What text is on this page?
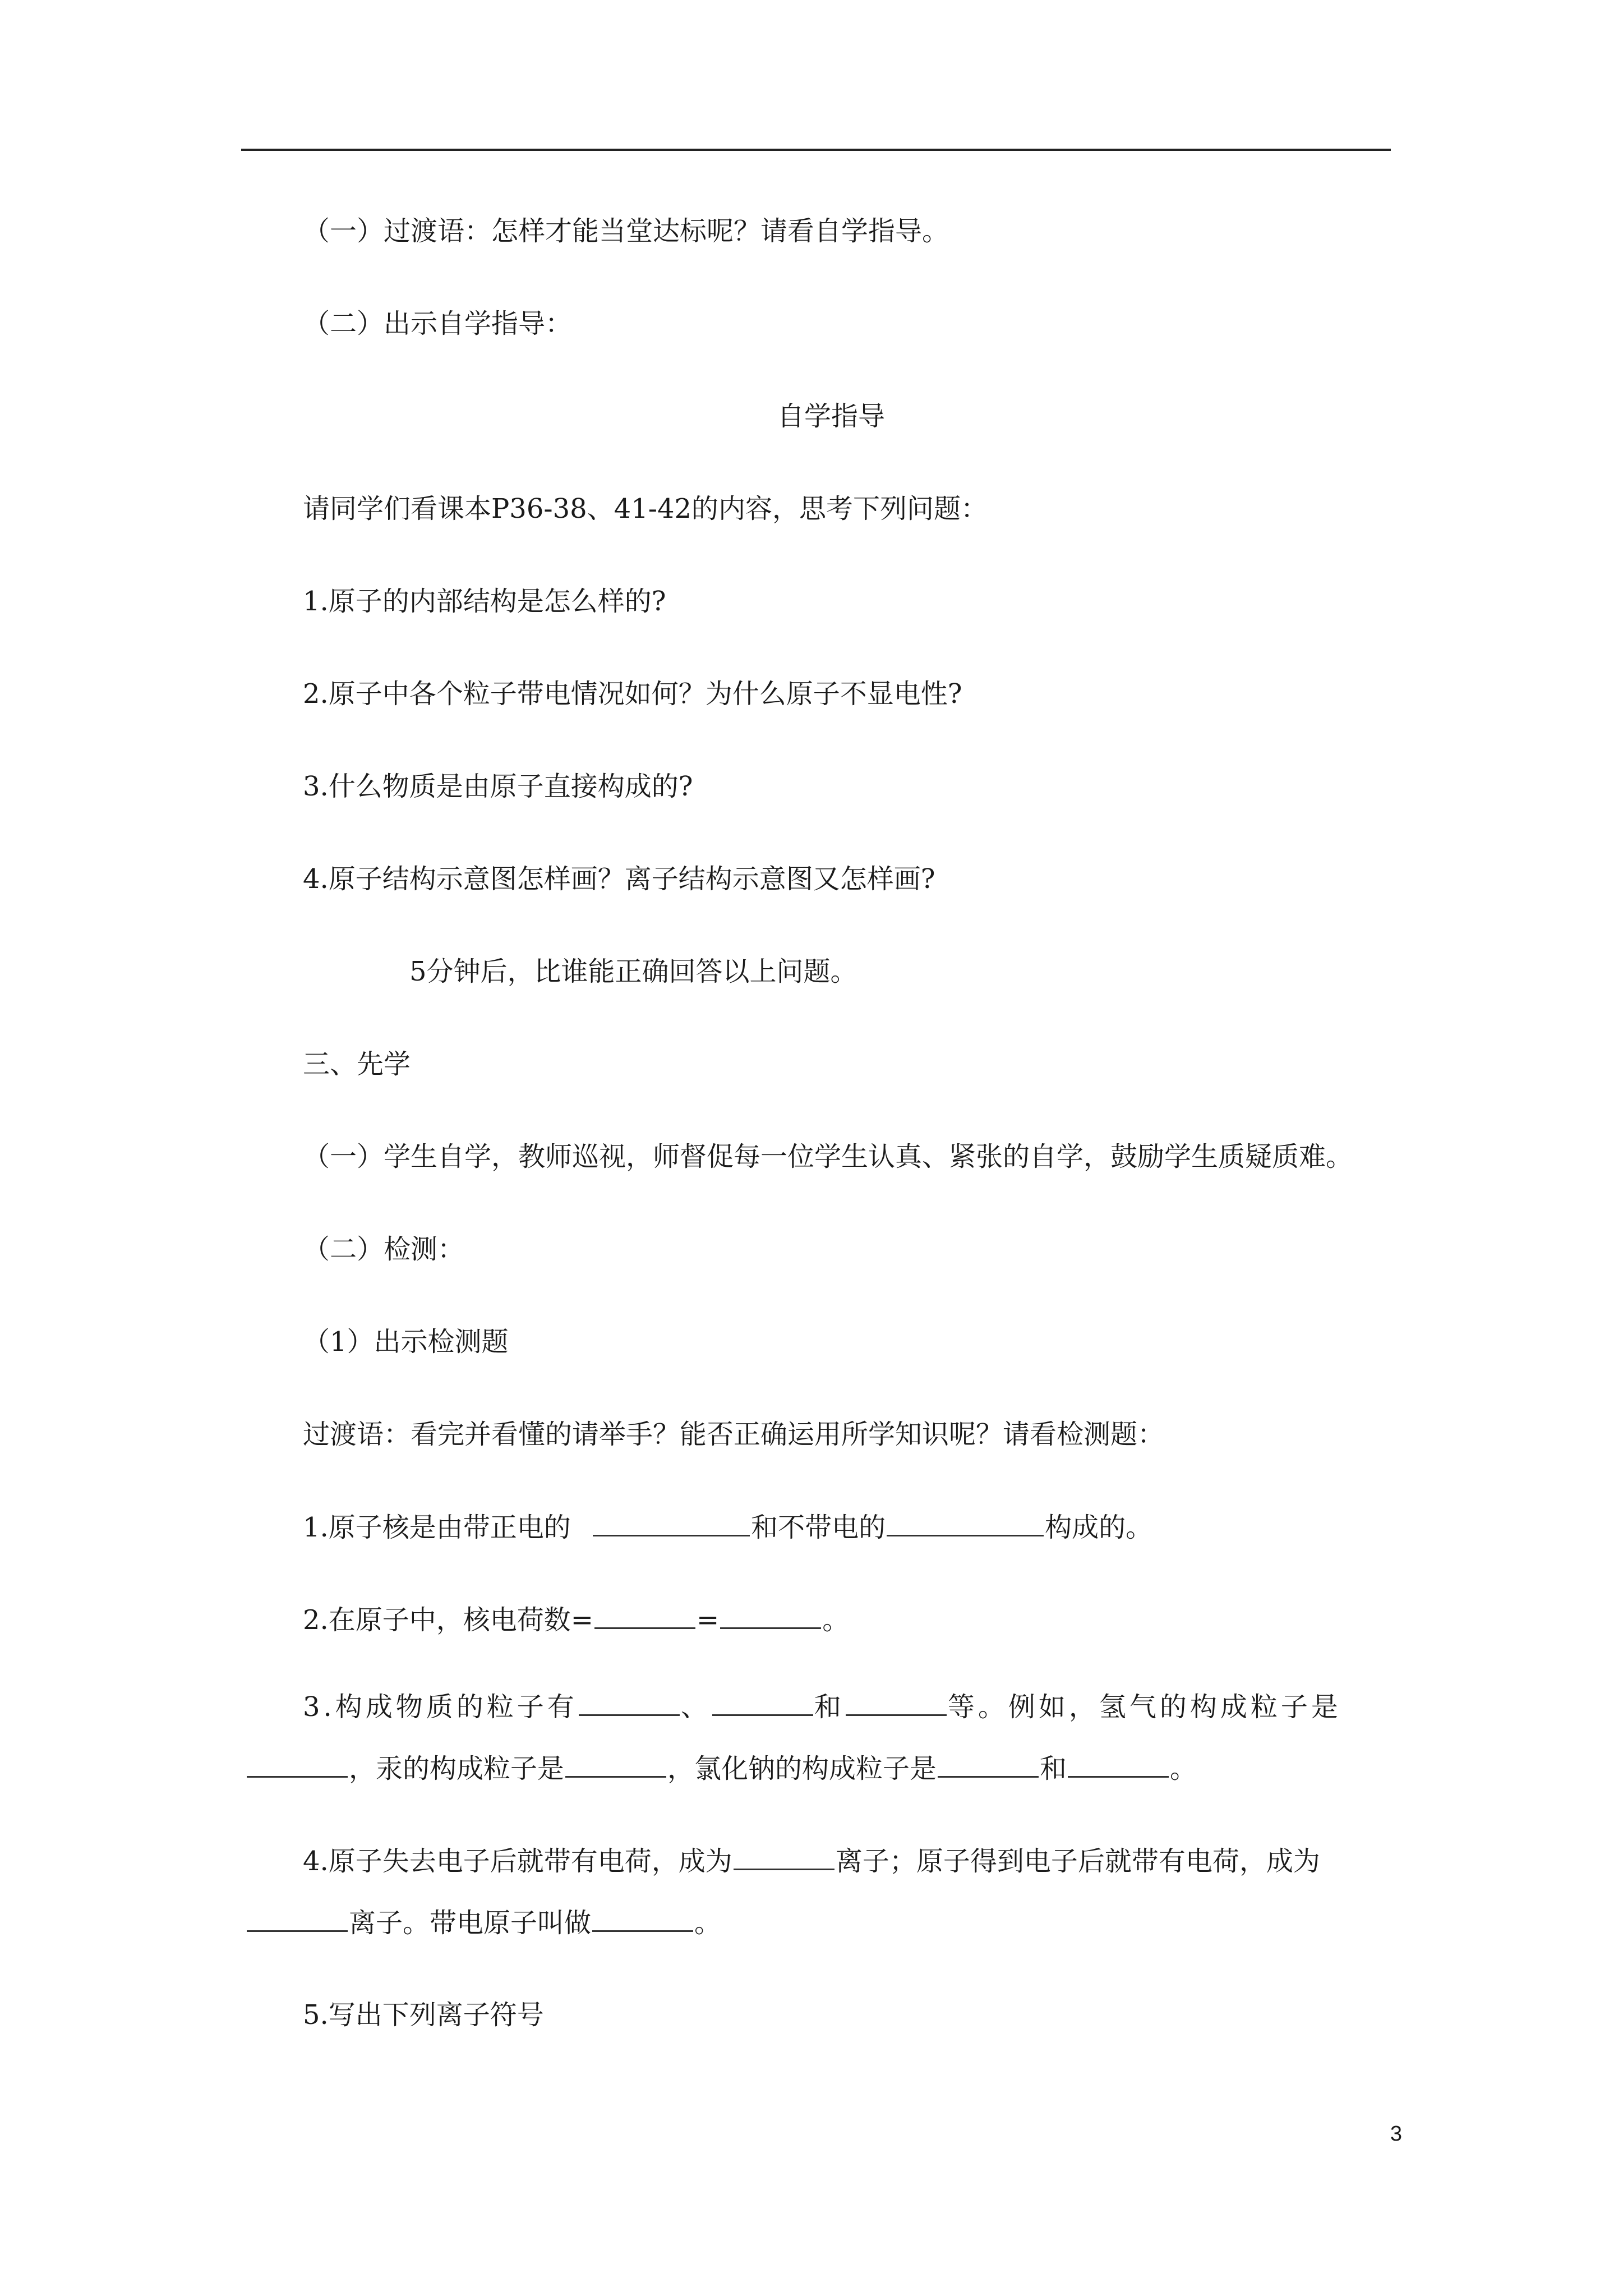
（一）过渡语：怎样才能当堂达标呢？请看自学指导。
（二）出示自学指导：
自学指导
请同学们看课本P36-38、41-42的内容，思考下列问题：
1.原子的内部结构是怎么样的?
2.原子中各个粒子带电情况如何？为什么原子不显电性?
3.什么物质是由原子直接构成的?
4.原子结构示意图怎样画？离子结构示意图又怎样画?
5分钟后，比谁能正确回答以上问题。
三、先学
（一）学生自学，教师巡视，师督促每一位学生认真、紧张的自学，鼓励学生质疑质难。
（二）检测：
（1）出示检测题
过渡语：看完并看懂的请举手？能否正确运用所学知识呢？请看检测题：
1.原子核是由带正电的	和不带电的	构成的。
2.在原子中，核电荷数=	=	。
3.构成物质的粒子有	、	和	等。例如，氢气的构成粒子是
，汞的构成粒子是	，氯化钠的构成粒子是	和	。
4.原子失去电子后就带有电荷，成为	离子；原子得到电子后就带有电荷，成为
离子。带电原子叫做	。
5.写出下列离子符号
3
